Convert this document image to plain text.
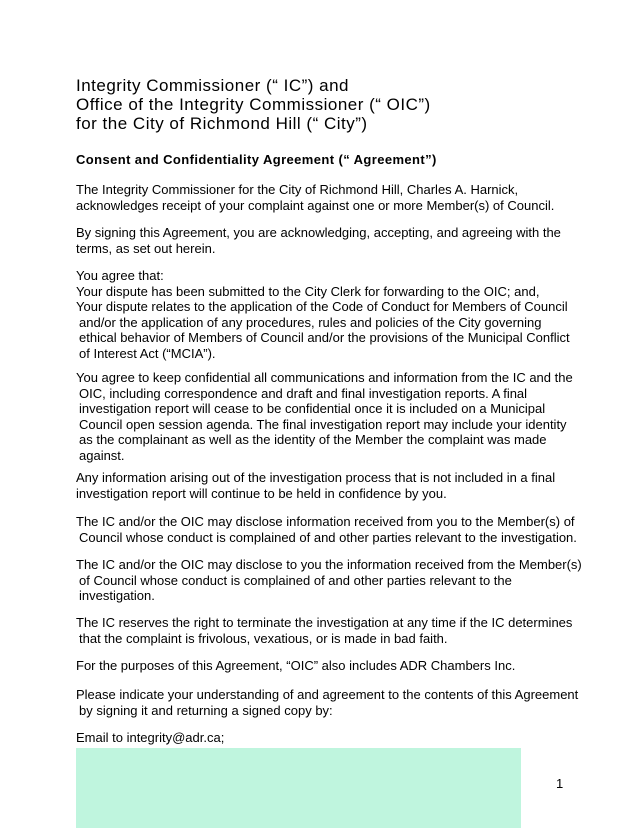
Integrity Commissioner (“ IC”) and
Office of the Integrity Commissioner (“ OIC”)
for the City of Richmond Hill (“ City”)
Consent and Confidentiality Agreement (“ Agreement”)
The Integrity Commissioner for the City of Richmond Hill, Charles A. Harnick,
acknowledges receipt of your complaint against one or more Member(s) of Council.
By signing this Agreement, you are acknowledging, accepting, and agreeing with the
terms, as set out herein.
You agree that:
Your dispute has been submitted to the City Clerk for forwarding to the OIC; and,
Your dispute relates to the application of the Code of Conduct for Members of Council
and/or the application of any procedures, rules and policies of the City governing
ethical behavior of Members of Council and/or the provisions of the Municipal Conflict
of Interest Act (“MCIA”).
You agree to keep confidential all communications and information from the IC and the
OIC, including correspondence and draft and final investigation reports. A final
investigation report will cease to be confidential once it is included on a Municipal
Council open session agenda. The final investigation report may include your identity
as the complainant as well as the identity of the Member the complaint was made
against.
Any information arising out of the investigation process that is not included in a final
investigation report will continue to be held in confidence by you.
The IC and/or the OIC may disclose information received from you to the Member(s) of
Council whose conduct is complained of and other parties relevant to the investigation.
The IC and/or the OIC may disclose to you the information received from the Member(s)
of Council whose conduct is complained of and other parties relevant to the
investigation.
The IC reserves the right to terminate the investigation at any time if the IC determines
that the complaint is frivolous, vexatious, or is made in bad faith.
For the purposes of this Agreement, “OIC” also includes ADR Chambers Inc.
Please indicate your understanding of and agreement to the contents of this Agreement
by signing it and returning a signed copy by:
Email to integrity@adr.ca;
1
